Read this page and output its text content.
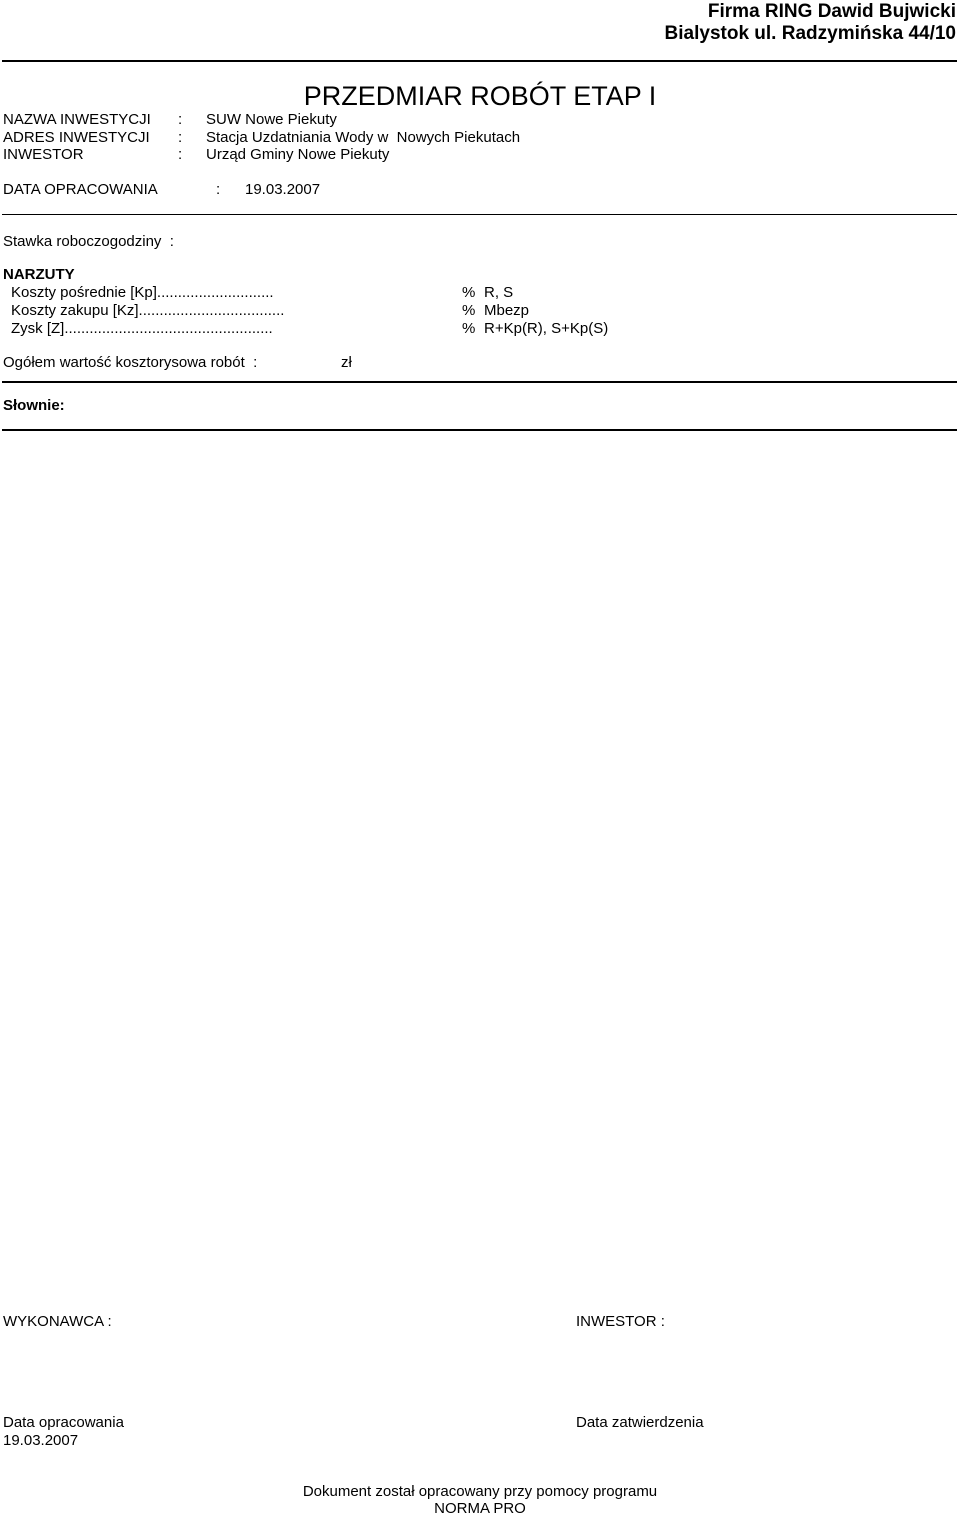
Firma RING Dawid Bujwicki
Bialystok ul. Radzymińska 44/10
PRZEDMIAR ROBÓT ETAP I
NAZWA INWESTYCJI : SUW Nowe Piekuty
ADRES INWESTYCJI : Stacja Uzdatniania Wody w  Nowych Piekutach
INWESTOR	: Urząd Gminy Nowe Piekuty
DATA OPRACOWANIA	: 19.03.2007
Stawka roboczogodziny  :
NARZUTY
Koszty pośrednie [Kp]............................	% R, S
Koszty zakupu [Kz]...................................	% Mbezp
Zysk [Z]..................................................	% R+Kp(R), S+Kp(S)
Ogółem wartość kosztorysowa robót  :	zł
Słownie:
WYKONAWCA :	INWESTOR :
Data opracowania
19.03.2007
Data zatwierdzenia
Dokument został opracowany przy pomocy programu
NORMA PRO
